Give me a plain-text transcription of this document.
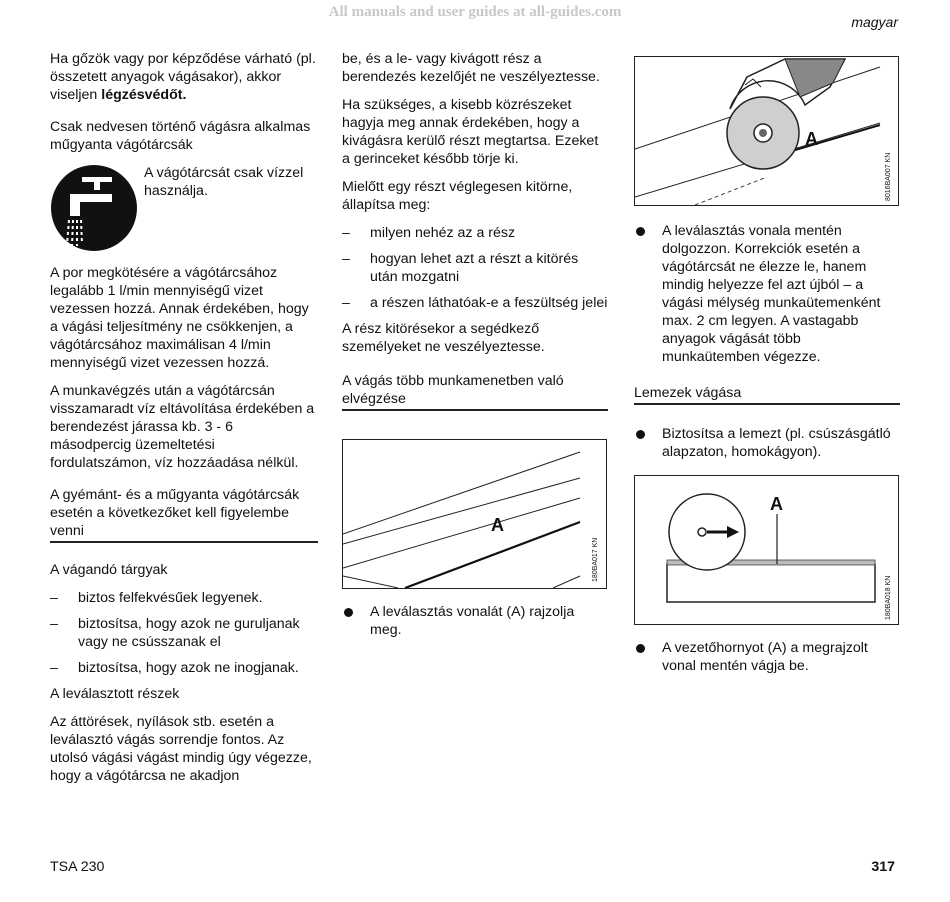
All manuals and user guides at all-guides.com
magyar

Ha gőzök vagy por képződése várható (pl. összetett anyagok vágásakor), akkor viseljen légzésvédőt.

Csak nedvesen történő vágásra alkalmas műgyanta vágótárcsák
A vágótárcsát csak vízzel használja.

A por megkötésére a vágótárcsához legalább 1 l/min mennyiségű vizet vezessen hozzá. Annak érdekében, hogy a vágási teljesítmény ne csökkenjen, a vágótárcsához maximálisan 4 l/min mennyiségű vizet vezessen hozzá.

A munkavégzés után a vágótárcsán visszamaradt víz eltávolítása érdekében a berendezést járassa kb. 3 - 6 másodpercig üzemeltetési fordulatszámon, víz hozzáadása nélkül.

A gyémánt- és a műgyanta vágótárcsák esetén a következőket kell figyelembe venni
A vágandó tárgyak
– biztos felfekvésűek legyenek.
– biztosítsa, hogy azok ne guruljanak vagy ne csússzanak el
– biztosítsa, hogy azok ne inogjanak.
A leválasztott részek

Az áttörések, nyílások stb. esetén a leválasztó vágás sorrendje fontos. Az utolsó vágási vágást mindig úgy végezze, hogy a vágótárcsa ne akadjon

be, és a le- vagy kivágott rész a berendezés kezelőjét ne veszélyeztesse.

Ha szükséges, a kisebb közrészeket hagyja meg annak érdekében, hogy a kivágásra kerülő részt megtartsa. Ezeket a gerinceket később törje ki.

Mielőtt egy részt véglegesen kitörne, állapítsa meg:

– milyen nehéz az a rész
– hogyan lehet azt a részt a kitörés után mozgatni
– a részen láthatóak-e a feszültség jelei

A rész kitörésekor a segédkező személyeket ne veszélyeztesse.

A vágás több munkamenetben való elvégzése
A
180BA017 KN
A leválasztás vonalát (A) rajzolja meg.
A
8016BA007 KN
A leválasztás vonala mentén dolgozzon. Korrekciók esetén a vágótárcsát ne élezze le, hanem mindig helyezze fel azt újból – a vágási mélység munkaütemenként max. 2 cm legyen. A vastagabb anyagok vágását több munkaütemben végezze.
Lemezek vágása
Biztosítsa a lemezt (pl. csúszásgátló alapzaton, homokágyon).
A
180BA018 KN
A vezetőhornyot (A) a megrajzolt vonal mentén vágja be.
TSA 230	317
